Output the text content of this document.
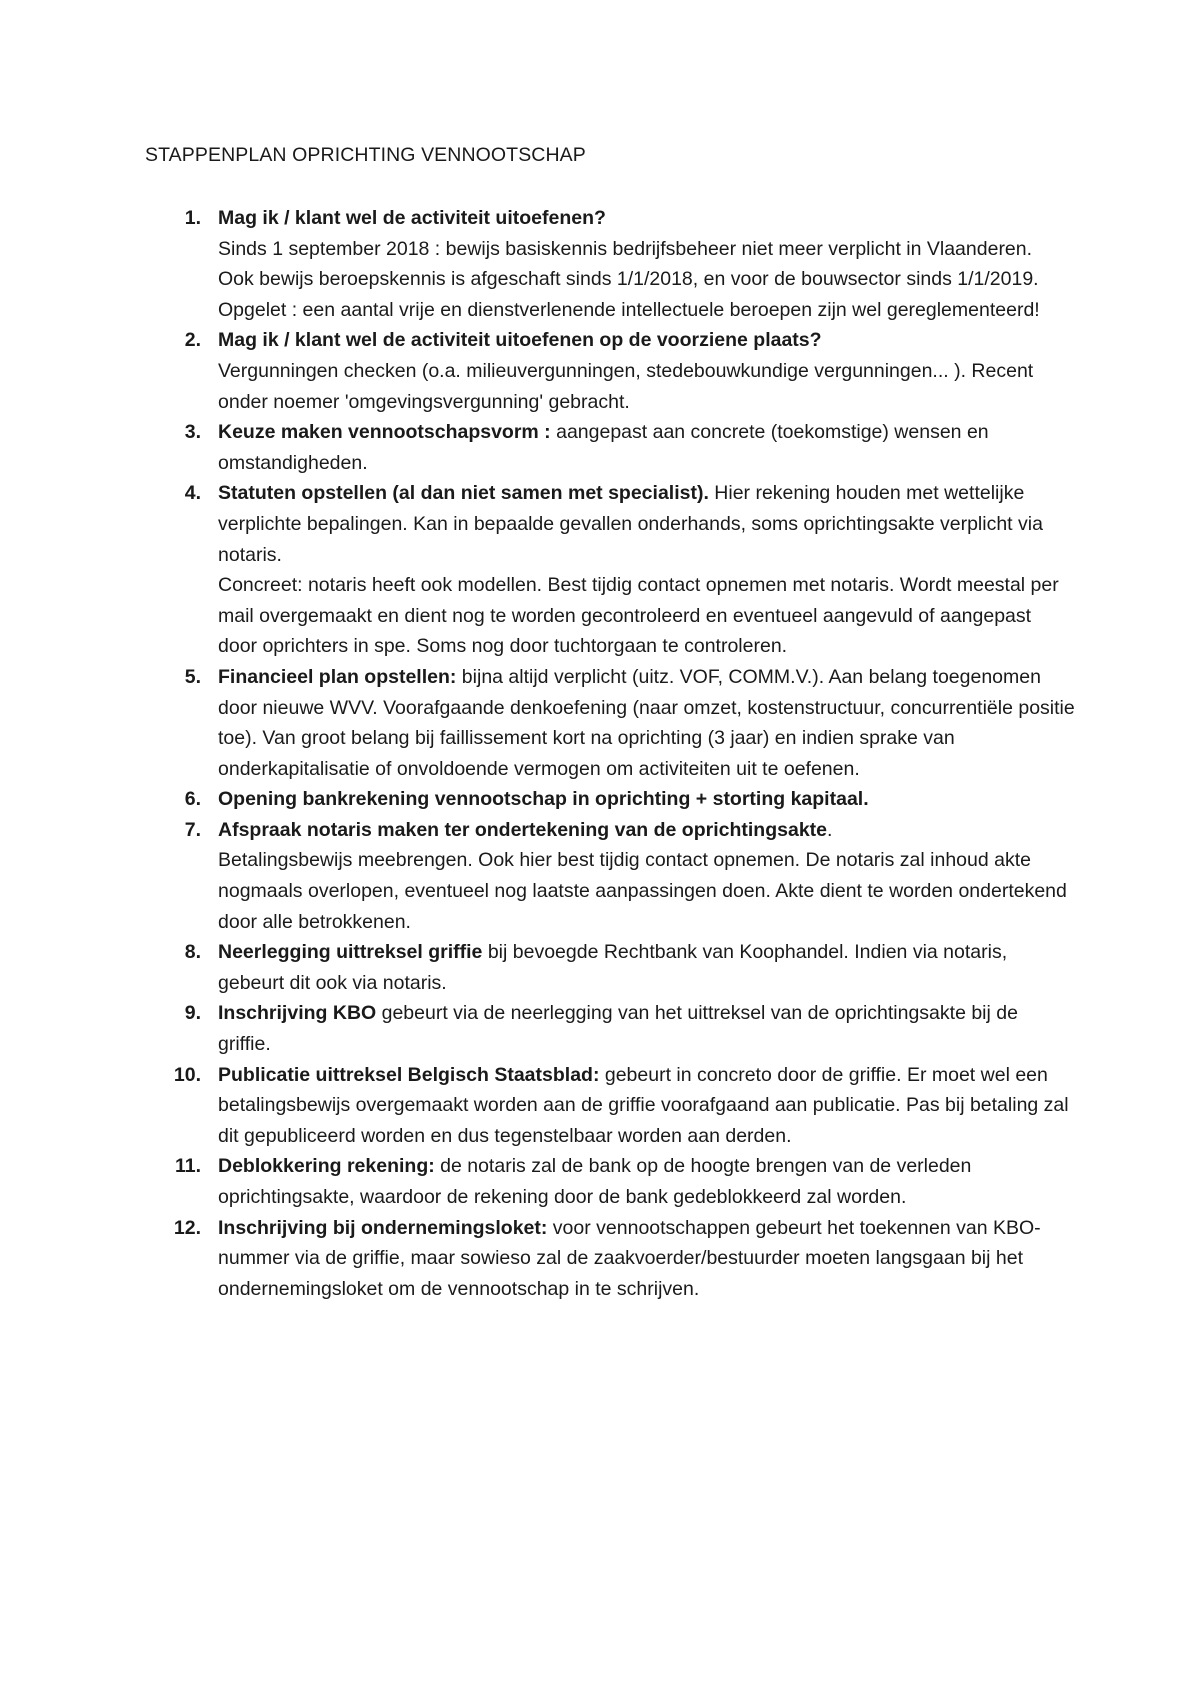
STAPPENPLAN OPRICHTING VENNOOTSCHAP
1. Mag ik / klant wel de activiteit uitoefenen?

Sinds 1 september 2018 : bewijs basiskennis bedrijfsbeheer niet meer verplicht in Vlaanderen.

Ook bewijs beroepskennis is afgeschaft sinds 1/1/2018, en voor de bouwsector sinds 1/1/2019.

Opgelet : een aantal vrije en dienstverlenende intellectuele beroepen zijn wel gereglementeerd!

2. Mag ik / klant wel de activiteit uitoefenen op de voorziene plaats?

Vergunningen checken (o.a. milieuvergunningen, stedebouwkundige vergunningen... ). Recent onder noemer 'omgevingsvergunning' gebracht.

3. Keuze maken vennootschapsvorm : aangepast aan concrete (toekomstige) wensen en omstandigheden.

4. Statuten opstellen (al dan niet samen met specialist). Hier rekening houden met wettelijke verplichte bepalingen. Kan in bepaalde gevallen onderhands, soms oprichtingsakte verplicht via notaris.

Concreet: notaris heeft ook modellen. Best tijdig contact opnemen met notaris. Wordt meestal per mail overgemaakt en dient nog te worden gecontroleerd en eventueel aangevuld of aangepast door oprichters in spe. Soms nog door tuchtorgaan te controleren.

5. Financieel plan opstellen: bijna altijd verplicht (uitz. VOF, COMM.V.). Aan belang toegenomen door nieuwe WVV. Voorafgaande denkoefening (naar omzet, kostenstructuur, concurrentiële positie toe). Van groot belang bij faillissement kort na oprichting (3 jaar) en indien sprake van onderkapitalisatie of onvoldoende vermogen om activiteiten uit te oefenen.

6. Opening bankrekening vennootschap in oprichting + storting kapitaal.

7. Afspraak notaris maken ter ondertekening van de oprichtingsakte.

Betalingsbewijs meebrengen. Ook hier best tijdig contact opnemen. De notaris zal inhoud akte nogmaals overlopen, eventueel nog laatste aanpassingen doen. Akte dient te worden ondertekend door alle betrokkenen.

8. Neerlegging uittreksel griffie bij bevoegde Rechtbank van Koophandel. Indien via notaris, gebeurt dit ook via notaris.

9. Inschrijving KBO gebeurt via de neerlegging van het uittreksel van de oprichtingsakte bij de griffie.

10. Publicatie uittreksel Belgisch Staatsblad: gebeurt in concreto door de griffie. Er moet wel een betalingsbewijs overgemaakt worden aan de griffie voorafgaand aan publicatie. Pas bij betaling zal dit gepubliceerd worden en dus tegenstelbaar worden aan derden.

11. Deblokkering rekening: de notaris zal de bank op de hoogte brengen van de verleden oprichtingsakte, waardoor de rekening door de bank gedeblokkeerd zal worden.

12. Inschrijving bij ondernemingsloket: voor vennootschappen gebeurt het toekennen van KBO-nummer via de griffie, maar sowieso zal de zaakvoerder/bestuurder moeten langsgaan bij het ondernemingsloket om de vennootschap in te schrijven.
